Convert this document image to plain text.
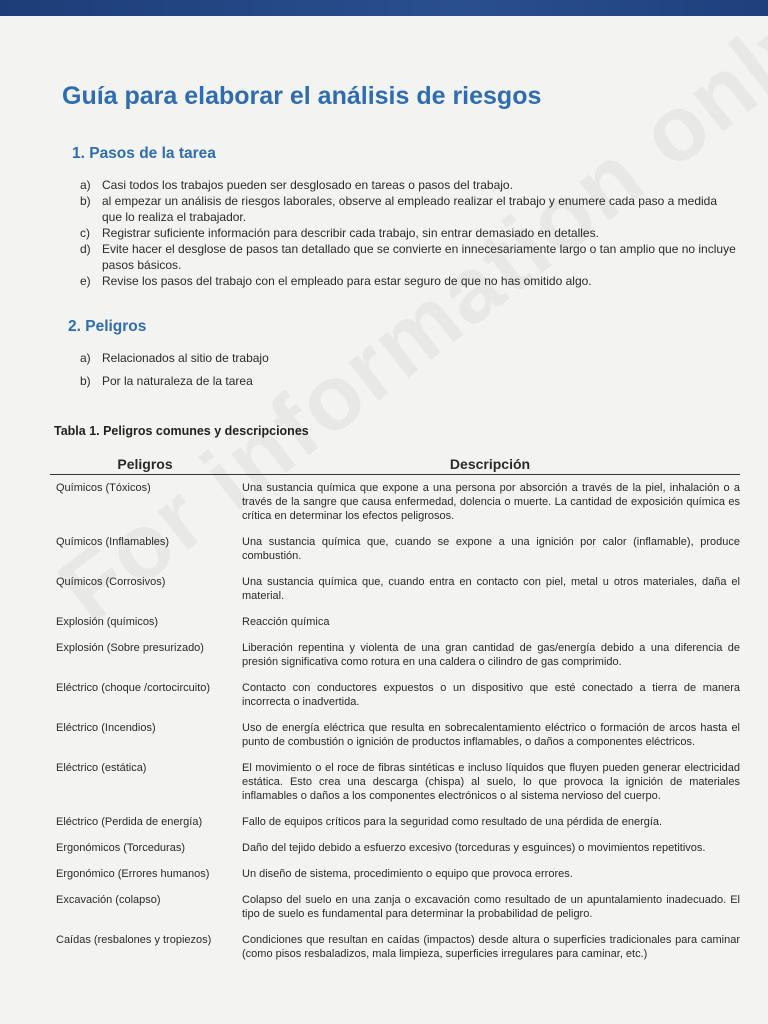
Guía para elaborar el análisis de riesgos
1. Pasos de la tarea
a) Casi todos los trabajos pueden ser desglosado en tareas o pasos del trabajo.
b) al empezar un análisis de riesgos laborales, observe al empleado realizar el trabajo y enumere cada paso a medida que lo realiza el trabajador.
c) Registrar suficiente información para describir cada trabajo, sin entrar demasiado en detalles.
d) Evite hacer el desglose de pasos tan detallado que se convierte en innecesariamente largo o tan amplio que no incluye pasos básicos.
e) Revise los pasos del trabajo con el empleado para estar seguro de que no has omitido algo.
2. Peligros
a) Relacionados al sitio de trabajo
b) Por la naturaleza de la tarea

Tabla 1. Peligros comunes y descripciones

Peligros	Descripción
Químicos (Tóxicos)	Una sustancia química que expone a una persona por absorción a través de la piel, inhalación o a través de la sangre que causa enfermedad, dolencia o muerte. La cantidad de exposición química es crítica en determinar los efectos peligrosos.
Químicos (Inflamables)	Una sustancia química que, cuando se expone a una ignición por calor (inflamable), produce combustión.
Químicos (Corrosivos)	Una sustancia química que, cuando entra en contacto con piel, metal u otros materiales, daña el material.
Explosión (químicos)	Reacción química
Explosión (Sobre presurizado)	Liberación repentina y violenta de una gran cantidad de gas/energía debido a una diferencia de presión significativa como rotura en una caldera o cilindro de gas comprimido.
Eléctrico (choque /cortocircuito)	Contacto con conductores expuestos o un dispositivo que esté conectado a tierra de manera incorrecta o inadvertida.
Eléctrico (Incendios)	Uso de energía eléctrica que resulta en sobrecalentamiento eléctrico o formación de arcos hasta el punto de combustión o ignición de productos inflamables, o daños a componentes eléctricos.
Eléctrico (estática)	El movimiento o el roce de fibras sintéticas e incluso líquidos que fluyen pueden generar electricidad estática. Esto crea una descarga (chispa) al suelo, lo que provoca la ignición de materiales inflamables o daños a los componentes electrónicos o al sistema nervioso del cuerpo.
Eléctrico (Perdida de energía)	Fallo de equipos críticos para la seguridad como resultado de una pérdida de energía.
Ergonómicos (Torceduras)	Daño del tejido debido a esfuerzo excesivo (torceduras y esguinces) o movimientos repetitivos.
Ergonómico (Errores humanos)	Un diseño de sistema, procedimiento o equipo que provoca errores.
Excavación (colapso)	Colapso del suelo en una zanja o excavación como resultado de un apuntalamiento inadecuado. El tipo de suelo es fundamental para determinar la probabilidad de peligro.
Caídas (resbalones y tropiezos)	Condiciones que resultan en caídas (impactos) desde altura o superficies tradicionales para caminar (como pisos resbaladizos, mala limpieza, superficies irregulares para caminar, etc.)
